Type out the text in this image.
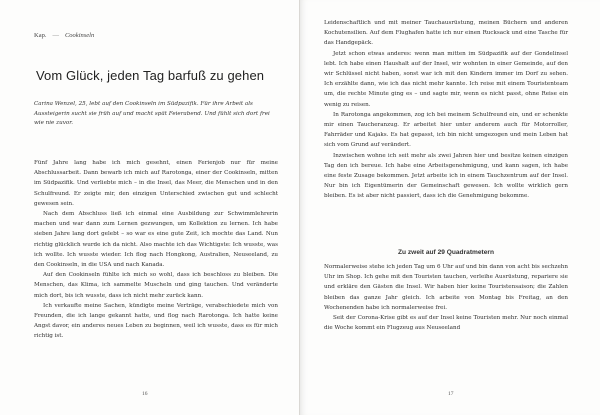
Kap. — Cookinseln
Vom Glück, jeden Tag barfuß zu gehen

Carina Wenzel, 25, lebt auf den Cookinseln im Südpazifik. Für ihre Arbeit als Aussteigerin sucht sie früh auf und macht spät Feierabend. Und fühlt sich dort frei wie nie zuvor.

Fünf Jahre lang habe ich mich gesehnt, einen Ferienjob nur für meine Abschlussarbeit. Dann bewarb ich mich auf Rarotonga, einer der Cookinseln, mitten im Südpazifik. Und verliebte mich – in die Insel, das Meer, die Menschen und in den Schulfreund. Er zeigte mir, den einzigen Unterschied zwischen gut und schlecht gewesen sein.

Nach dem Abschluss ließ ich einmal eine Ausbildung zur Schwimmlehrerin machen und war dann zum Lernen gezwungen, um Kollektion zu lernen. Ich habe sieben Jahre lang dort gelebt – so war es eine gute Zeit, ich mochte das Land. Nun richtig glücklich wurde ich da nicht. Also machte ich das Wichtigste: Ich wusste, was ich wollte. Ich wusste wieder. Ich flog nach Hongkong, Australien, Neuseeland, zu den Cookinseln, in die USA und nach Kanada.

Auf den Cookinseln fühlte ich mich so wohl, dass ich beschloss zu bleiben. Die Menschen, das Klima, ich sammelte Muscheln und ging tauchen. Und veränderte mich dort, bis ich wusste, dass ich nicht mehr zurück kann.

Ich verkaufte meine Sachen, kündigte meine Verträge, verabschiedete mich von Freunden, die ich lange gekannt hatte, und flog nach Rarotonga. Ich hatte keine Angst davor, ein anderes neues Leben zu beginnen, weil ich wusste, dass es für mich richtig ist.

16

Leidenschaftlich und mit meiner Tauchausrüstung, meinen Büchern und anderen Kochutensilien. Auf dem Flughafen hatte ich nur einen Rucksack und eine Tasche für das Handgepäck.

Jetzt schon etwas anderes: wenn man mitten im Südpazifik auf der Gondelinsel lebt. Ich habe einen Haushalt auf der Insel, wir wohnten in einer Gemeinde, auf den wir Schlüssel nicht haben, sonst war ich mit den Kindern immer im Dorf zu sehen. Ich erzählte dann, wie ich das nicht mehr kannte. Ich reise mit einem Touristenteam um, die rechte Minute ging es – und sagte mir, wenn es nicht passt, ohne Reise ein wenig zu reisen.

In Rarotonga angekommen, zog ich bei meinem Schulfreund ein, und er schenkte mir einen Taucheranzug. Er arbeitet hier unter anderem auch für Motorroller, Fahrräder und Kajaks. Es hat gepasst, ich bin nicht umgezogen und mein Leben hat sich vom Grund auf verändert.

Inzwischen wohne ich seit mehr als zwei Jahren hier und besitze keinen einzigen Tag den ich bereue. Ich habe eine Arbeitsgenehmigung, und kann sagen, ich habe eine feste Zusage bekommen. Jetzt arbeite ich in einem Tauchzentrum auf der Insel. Nur bin ich Eigentümerin der Gemeinschaft gewesen. Ich wollte wirklich gern bleiben. Es ist aber nicht passiert, dass ich die Genehmigung bekomme.

Zu zweit auf 29 Quadratmetern

Normalerweise stehe ich jeden Tag um 6 Uhr auf und bin dann von acht bis sechzehn Uhr im Shop. Ich gehe mit den Touristen tauchen, verleihe Ausrüstung, repariere sie und erkläre den Gästen die Insel. Wir haben hier keine Touristensaison; die Zahlen bleiben das ganze Jahr gleich. Ich arbeite von Montag bis Freitag, an den Wochenenden habe ich normalerweise frei.

Seit der Corona-Krise gibt es auf der Insel keine Touristen mehr. Nur noch einmal die Woche kommt ein Flugzeug aus Neuseeland

17
